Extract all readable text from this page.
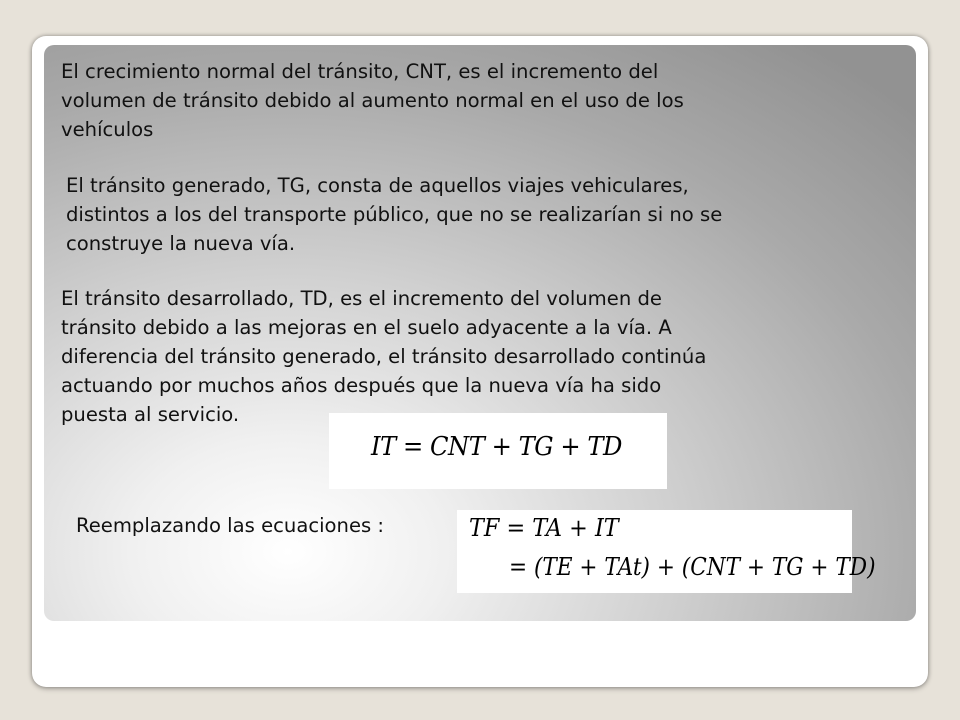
El crecimiento normal del tránsito, CNT, es el incremento del
volumen de tránsito debido al aumento normal en el uso de los
vehículos

El tránsito generado, TG, consta de aquellos viajes vehiculares,
distintos a los del transporte público, que no se realizarían si no se
construye la nueva vía.

El tránsito desarrollado, TD, es el incremento del volumen de
tránsito debido a las mejoras en el suelo adyacente a la vía. A
diferencia del tránsito generado, el tránsito desarrollado continúa
actuando por muchos años después que la nueva vía ha sido
puesta al servicio.

IT = CNT + TG + TD

Reemplazando las ecuaciones :	TF = TA + IT
= (TE + TAt) + (CNT + TG + TD)
